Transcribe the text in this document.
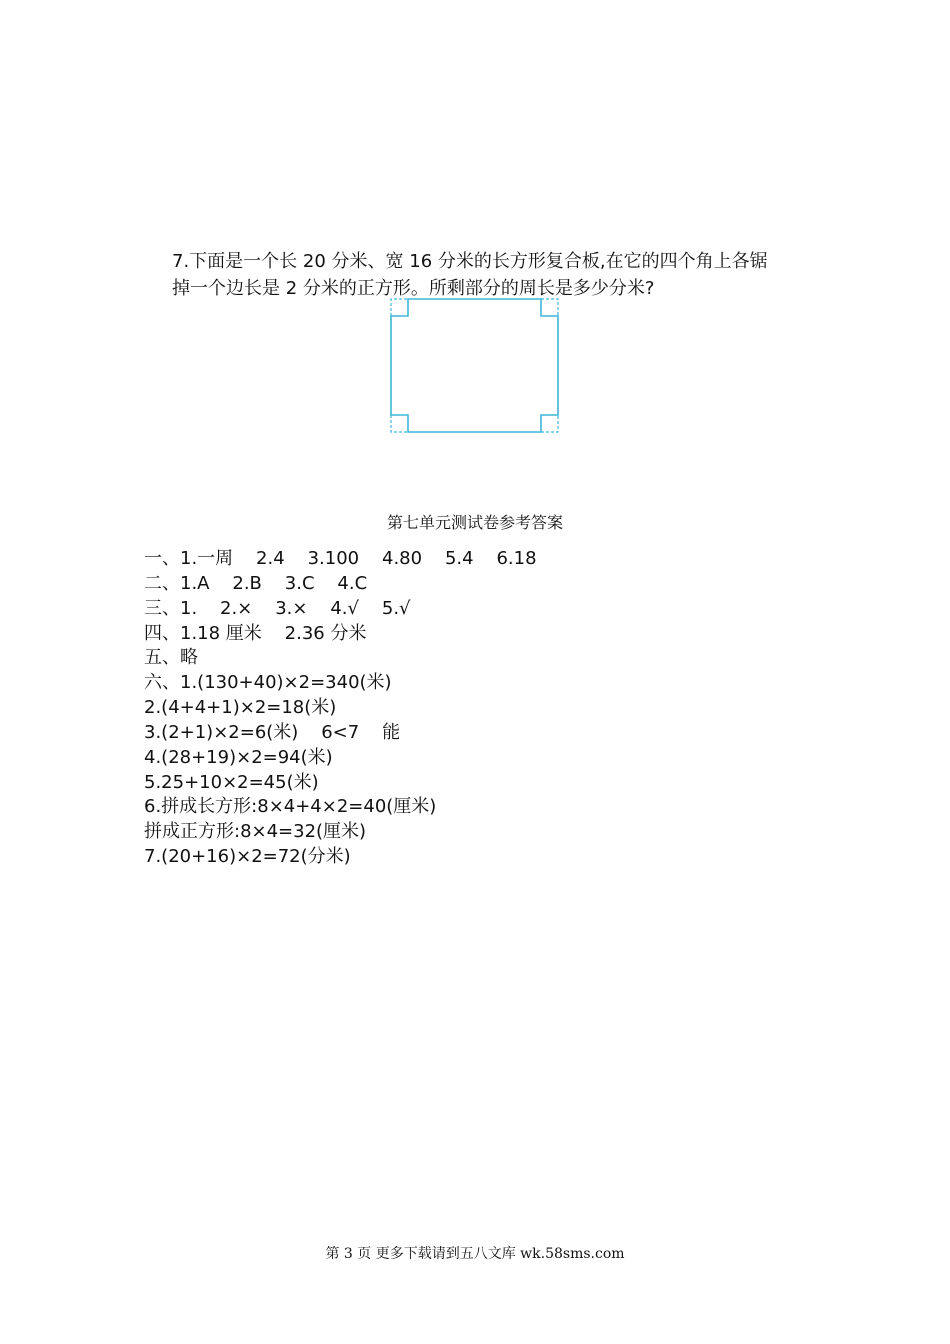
7.下面是一个长 20 分米、宽 16 分米的长方形复合板,在它的四个角上各锯
掉一个边长是 2 分米的正方形。所剩部分的周长是多少分米?
第七单元测试卷参考答案
一、1.一周    2.4    3.100    4.80    5.4    6.18
二、1.A    2.B    3.C    4.C
三、1.    2.×    3.×    4.√    5.√
四、1.18 厘米    2.36 分米
五、略
六、1.(130+40)×2=340(米)
2.(4+4+1)×2=18(米)
3.(2+1)×2=6(米)    6<7    能
4.(28+19)×2=94(米)
5.25+10×2=45(米)
6.拼成长方形:8×4+4×2=40(厘米)
拼成正方形:8×4=32(厘米)
7.(20+16)×2=72(分米)
第 3 页 更多下载请到五八文库 wk.58sms.com
